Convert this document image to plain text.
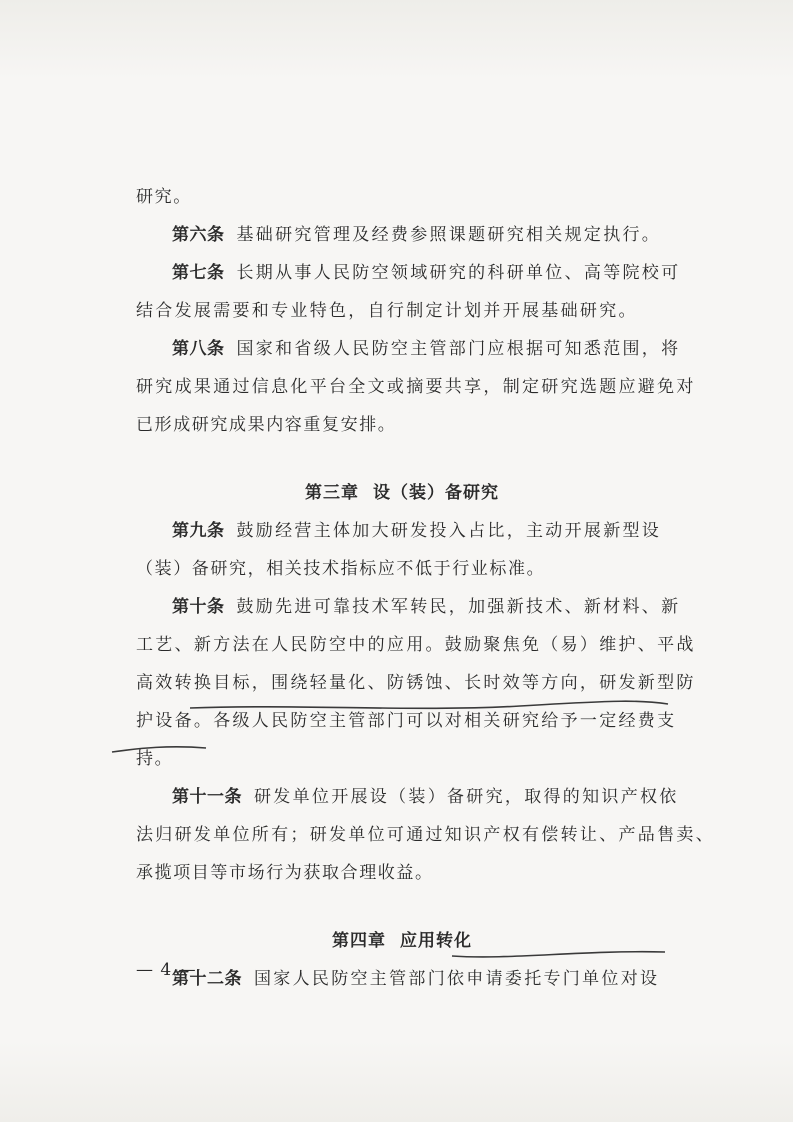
研究。
第六条 基础研究管理及经费参照课题研究相关规定执行。
第七条 长期从事人民防空领域研究的科研单位、高等院校可
结合发展需要和专业特色，自行制定计划并开展基础研究。
第八条 国家和省级人民防空主管部门应根据可知悉范围，将
研究成果通过信息化平台全文或摘要共享，制定研究选题应避免对
已形成研究成果内容重复安排。
第三章 设（装）备研究
第九条 鼓励经营主体加大研发投入占比，主动开展新型设
（装）备研究，相关技术指标应不低于行业标准。
第十条 鼓励先进可靠技术军转民，加强新技术、新材料、新
工艺、新方法在人民防空中的应用。鼓励聚焦免（易）维护、平战
高效转换目标，围绕轻量化、防锈蚀、长时效等方向，研发新型防
护设备。各级人民防空主管部门可以对相关研究给予一定经费支
持。
第十一条 研发单位开展设（装）备研究，取得的知识产权依
法归研发单位所有；研发单位可通过知识产权有偿转让、产品售卖、
承揽项目等市场行为获取合理收益。
第四章 应用转化
第十二条 国家人民防空主管部门依申请委托专门单位对设
— 4 —
